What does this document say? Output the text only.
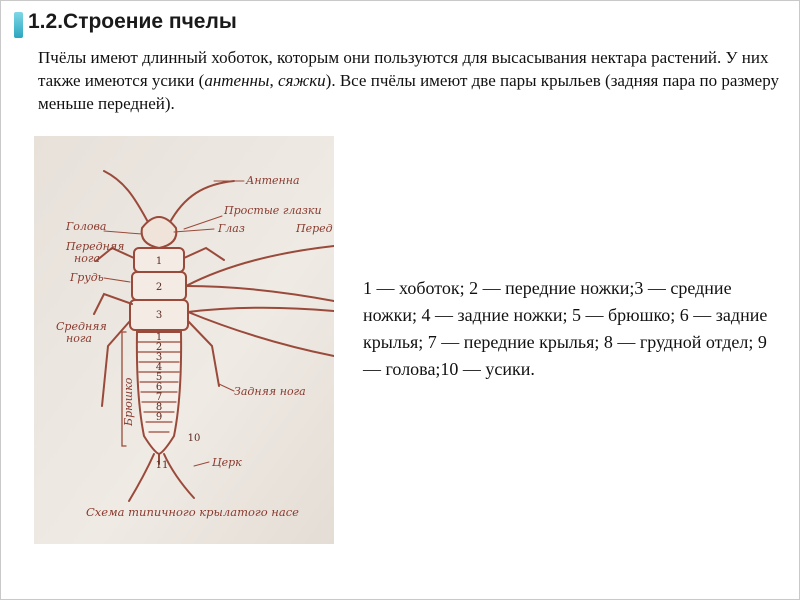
1.2.Строение пчелы

Пчёлы имеют длинный хоботок, которым они пользуются для высасывания нектара растений. У них также имеются усики (антенны, сяжки). Все пчёлы имеют две пары крыльев (задняя пара по размеру меньше передней).

Антенна
Простые глазки
Глаз	Перед
Голова
Передняя
нога
Грудь
Средняя
нога
Брюшко	Задняя нога
Церк
Схема типичного крылатого насе
1
2
3
1
2
3
4
5
6
7
8
9
10
11

1 — хоботок; 2 — передние ножки;3 — средние ножки; 4 — задние ножки; 5 — брюшко; 6 — задние крылья; 7 — передние крылья; 8 — грудной отдел; 9 — голова;10 — усики.
